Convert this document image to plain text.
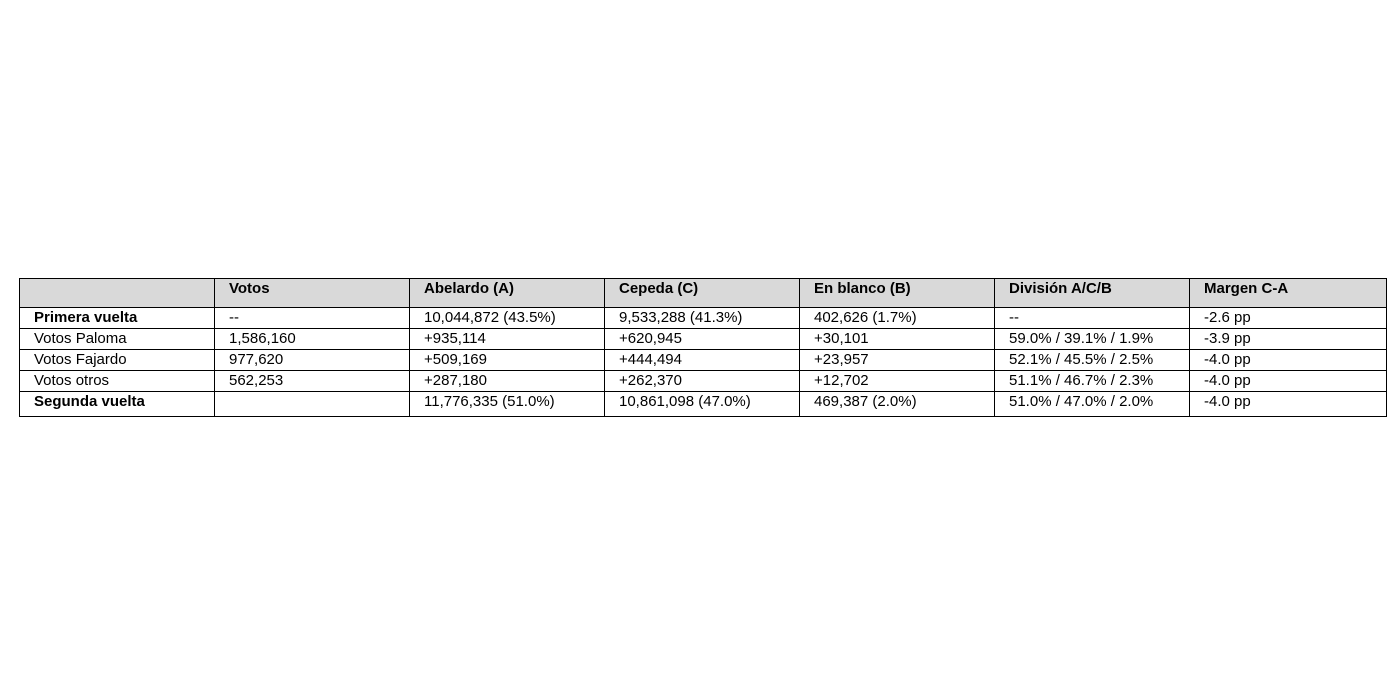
	Votos	Abelardo (A)	Cepeda (C)	En blanco (B)	División A/C/B	Margen C-A
Primera vuelta	--	10,044,872 (43.5%)	9,533,288 (41.3%)	402,626 (1.7%)	--	-2.6 pp
Votos Paloma	1,586,160	+935,114	+620,945	+30,101	59.0% / 39.1% / 1.9%	-3.9 pp
Votos Fajardo	977,620	+509,169	+444,494	+23,957	52.1% / 45.5% / 2.5%	-4.0 pp
Votos otros	562,253	+287,180	+262,370	+12,702	51.1% / 46.7% / 2.3%	-4.0 pp
Segunda vuelta		11,776,335 (51.0%)	10,861,098 (47.0%)	469,387 (2.0%)	51.0% / 47.0% / 2.0%	-4.0 pp
